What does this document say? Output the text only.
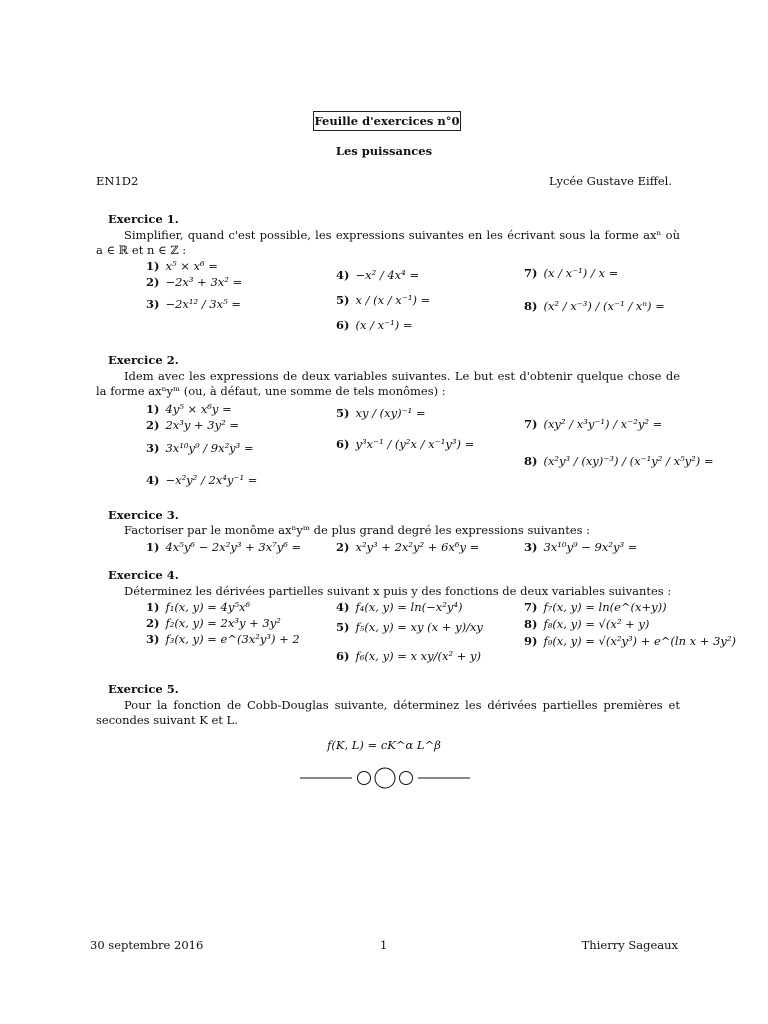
Feuille d'exercices n°0
Les puissances
EN1D2	Lycée Gustave Eiffel.
Exercice 1.
Simplifier, quand c'est possible, les expressions suivantes en les écrivant sous la forme axⁿ où a ∈ ℝ et n ∈ ℤ :
1) x⁵ × x⁶ =
2) −2x³ + 3x² =
3) −2x¹² / 3x⁵ =
4) −x² / 4x⁴ =
5) x / (x / x⁻¹) =
6) (x / x⁻¹) =
7) (x / x⁻¹) / x =
8) (x² / x⁻³) / (x⁻¹ / xⁿ) =
Exercice 2.
Idem avec les expressions de deux variables suivantes. Le but est d'obtenir quelque chose de la forme axⁿyᵐ (ou, à défaut, une somme de tels monômes) :
1) 4y⁵ × x⁶y =
2) 2x³y + 3y² =
3) 3x¹⁰y⁹ / 9x²y³ =
4) −x²y² / 2x⁴y⁻¹ =
5) xy / (xy)⁻¹ =
6) y³x⁻¹ / (y²x / x⁻¹y³) =
7) (xy² / x³y⁻¹) / x⁻²y² =
8) (x²y³ / (xy)⁻³) / (x⁻¹y² / x⁵y²) =
Exercice 3.
Factoriser par le monôme axⁿyᵐ de plus grand degré les expressions suivantes :
1) 4x⁵y⁶ − 2x²y³ + 3x⁷y⁶ =	2) x²y³ + 2x²y² + 6x⁶y =	3) 3x¹⁰y⁹ − 9x²y³ =
Exercice 4.
Déterminez les dérivées partielles suivant x puis y des fonctions de deux variables suivantes :
1) f₁(x, y) = 4y⁵x⁶
2) f₂(x, y) = 2x³y + 3y²
3) f₃(x, y) = e^(3x²y³) + 2
4) f₄(x, y) = ln(−x²y⁴)
5) f₅(x, y) = xy (x + y)/xy
6) f₆(x, y) = x xy/(x² + y)
7) f₇(x, y) = ln(e^(x+y))
8) f₈(x, y) = √(x² + y)
9) f₉(x, y) = √(x²y³) + e^(ln x + 3y²)
Exercice 5.
Pour la fonction de Cobb-Douglas suivante, déterminez les dérivées partielles premières et secondes suivant K et L.
f(K, L) = cK^α L^β
30 septembre 2016	1	Thierry Sageaux
